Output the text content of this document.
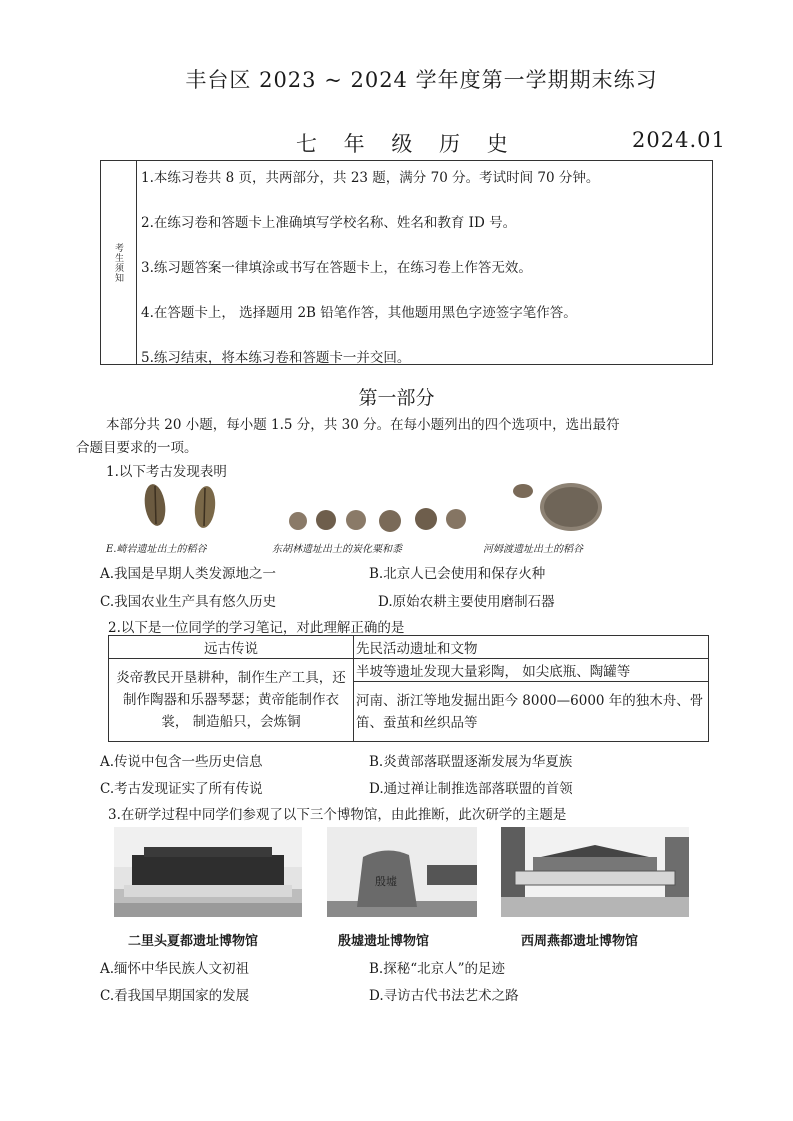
丰台区 2023 ~ 2024 学年度第一学期期末练习
七 年 级 历 史	2024.01
考生须知
1.本练习卷共 8 页，共两部分，共 23 题，满分 70 分。考试时间 70 分钟。
2.在练习卷和答题卡上准确填写学校名称、姓名和教育 ID 号。
3.练习题答案一律填涂或书写在答题卡上，在练习卷上作答无效。
4.在答题卡上， 选择题用 2B 铅笔作答，其他题用黑色字迹签字笔作答。
5.练习结束，将本练习卷和答题卡一并交回。
第一部分
本部分共 20 小题，每小题 1.5 分，共 30 分。在每小题列出的四个选项中，选出最符
合题目要求的一项。
1.以下考古发现表明
E.崎岩遗址出土的稻谷	东胡林遗址出土的炭化粟和黍	河姆渡遗址出土的稻谷
A.我国是早期人类发源地之一	B.北京人已会使用和保存火种
C.我国农业生产具有悠久历史	D.原始农耕主要使用磨制石器
2.以下是一位同学的学习笔记，对此理解正确的是
远古传说	先民活动遗址和文物
炎帝教民开垦耕种，制作生产工具，还制作陶器和乐器琴瑟；黄帝能制作衣裳， 制造船只，会炼铜	半坡等遗址发现大量彩陶， 如尖底瓶、陶罐等
	河南、浙江等地发掘出距今 8000—6000 年的独木舟、骨笛、蚕茧和丝织品等
A.传说中包含一些历史信息	B.炎黄部落联盟逐渐发展为华夏族
C.考古发现证实了所有传说	D.通过禅让制推选部落联盟的首领
3.在研学过程中同学们参观了以下三个博物馆，由此推断，此次研学的主题是
殷墟
二里头夏都遗址博物馆	殷墟遗址博物馆	西周燕都遗址博物馆
A.缅怀中华民族人文初祖	B.探秘“北京人”的足迹
C.看我国早期国家的发展	D.寻访古代书法艺术之路
